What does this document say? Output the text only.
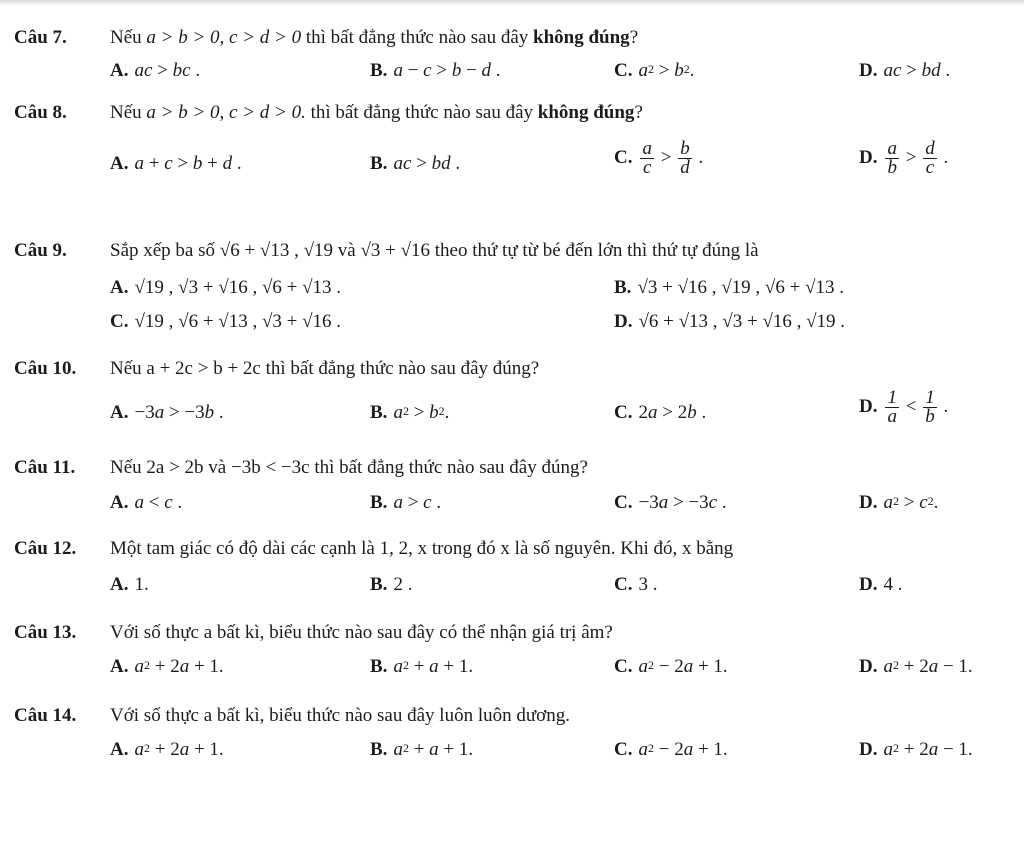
Câu 7. Nếu a > b > 0, c > d > 0 thì bất đẳng thức nào sau đây không đúng?
A. ac > bc .	B. a − c > b − d .	C. $a^2 > b^2$.	D. ac > bd .
Câu 8. Nếu a > b > 0, c > d > 0. thì bất đẳng thức nào sau đây không đúng?
A. a + c > b + d .	B. ac > bd .	C. $\frac{a}{c} > \frac{b}{d}$ .	D. $\frac{a}{b} > \frac{d}{c}$ .
Câu 9. Sắp xếp ba số √6 + √13 , √19 và √3 + √16 theo thứ tự từ bé đến lớn thì thứ tự đúng là
A. √19 , √3 + √16 , √6 + √13 .	B. √3 + √16 , √19 , √6 + √13 .
C. √19 , √6 + √13 , √3 + √16 .	D. √6 + √13 , √3 + √16 , √19 .
Câu 10. Nếu a + 2c > b + 2c thì bất đẳng thức nào sau đây đúng?
A. −3a > −3b .	B. $a^2 > b^2$.	C. 2a > 2b .	D. $\frac{1}{a} < \frac{1}{b}$ .
Câu 11. Nếu 2a > 2b và −3b < −3c thì bất đẳng thức nào sau đây đúng?
A. a < c .	B. a > c .	C. −3a > −3c .	D. $a^2 > c^2$.
Câu 12. Một tam giác có độ dài các cạnh là 1, 2, x trong đó x là số nguyên. Khi đó, x bằng
A. 1.	B. 2 .	C. 3 .	D. 4 .
Câu 13. Với số thực a bất kì, biểu thức nào sau đây có thể nhận giá trị âm?
A. $a^2 + 2a + 1$.	B. $a^2 + a + 1$.	C. $a^2 - 2a + 1$.	D. $a^2 + 2a - 1$.
Câu 14. Với số thực a bất kì, biểu thức nào sau đây luôn luôn dương.
A. $a^2 + 2a + 1$.	B. $a^2 + a + 1$.	C. $a^2 - 2a + 1$.	D. $a^2 + 2a - 1$.
